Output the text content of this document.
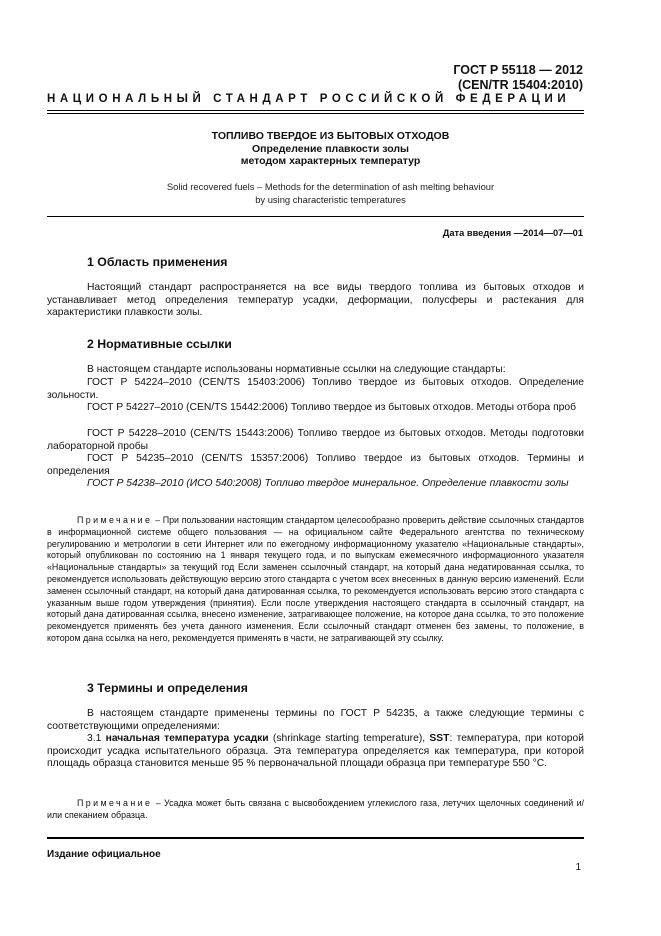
ГОСТ Р 55118 — 2012
(CEN/TR 15404:2010)
НАЦИОНАЛЬНЫЙ СТАНДАРТ РОССИЙСКОЙ ФЕДЕРАЦИИ
ТОПЛИВО ТВЕРДОЕ ИЗ БЫТОВЫХ ОТХОДОВ
Определение плавкости золы
методом характерных температур
Solid recovered fuels – Methods for the determination of ash melting behaviour
by using characteristic temperatures
Дата введения —2014—07—01
1 Область применения
Настоящий стандарт распространяется на все виды твердого топлива из бытовых отходов и устанавливает метод определения температур усадки, деформации, полусферы и растекания для характеристики плавкости золы.
2 Нормативные ссылки
В настоящем стандарте использованы нормативные ссылки на следующие стандарты:
ГОСТ Р 54224–2010 (CEN/TS 15403:2006) Топливо твердое из бытовых отходов. Определение зольности.
ГОСТ Р 54227–2010 (CEN/TS 15442:2006) Топливо твердое из бытовых отходов. Методы отбора проб
ГОСТ Р 54228–2010 (CEN/TS 15443:2006) Топливо твердое из бытовых отходов. Методы подготовки лабораторной пробы
ГОСТ Р 54235–2010 (CEN/TS 15357:2006) Топливо твердое из бытовых отходов. Термины и определения
ГОСТ Р 54238–2010 (ИСО 540:2008) Топливо твердое минеральное. Определение плавкости золы
Примечание – При пользовании настоящим стандартом целесообразно проверить действие ссылочных стандартов в информационной системе общего пользования — на официальном сайте Федерального агентства по техническому регулированию и метрологии в сети Интернет или по ежегодному информационному указателю «Национальные стандарты», который опубликован по состоянию на 1 января текущего года, и по выпускам ежемесячного информационного указателя «Национальные стандарты» за текущий год Если заменен ссылочный стандарт, на который дана недатированная ссылка, то рекомендуется использовать действующую версию этого стандарта с учетом всех внесенных в данную версию изменений. Если заменен ссылочный стандарт, на который дана датированная ссылка, то рекомендуется использовать версию этого стандарта с указанным выше годом утверждения (принятия). Если после утверждения настоящего стандарта в ссылочный стандарт, на который дана датированная ссылка, внесено изменение, затрагивающее положение, на которое дана ссылка, то это положение рекомендуется применять без учета данного изменения. Если ссылочный стандарт отменен без замены, то положение, в котором дана ссылка на него, рекомендуется применять в части, не затрагивающей эту ссылку.
3 Термины и определения
В настоящем стандарте применены термины по ГОСТ Р 54235, а также следующие термины с соответствующими определениями:
3.1 начальная температура усадки (shrinkage starting temperature), SST: температура, при которой происходит усадка испытательного образца. Эта температура определяется как температура, при которой площадь образца становится меньше 95 % первоначальной площади образца при температуре 550 °С.
Примечание – Усадка может быть связана с высвобождением углекислого газа, летучих щелочных соединений и/или спеканием образца.
Издание официальное
1
